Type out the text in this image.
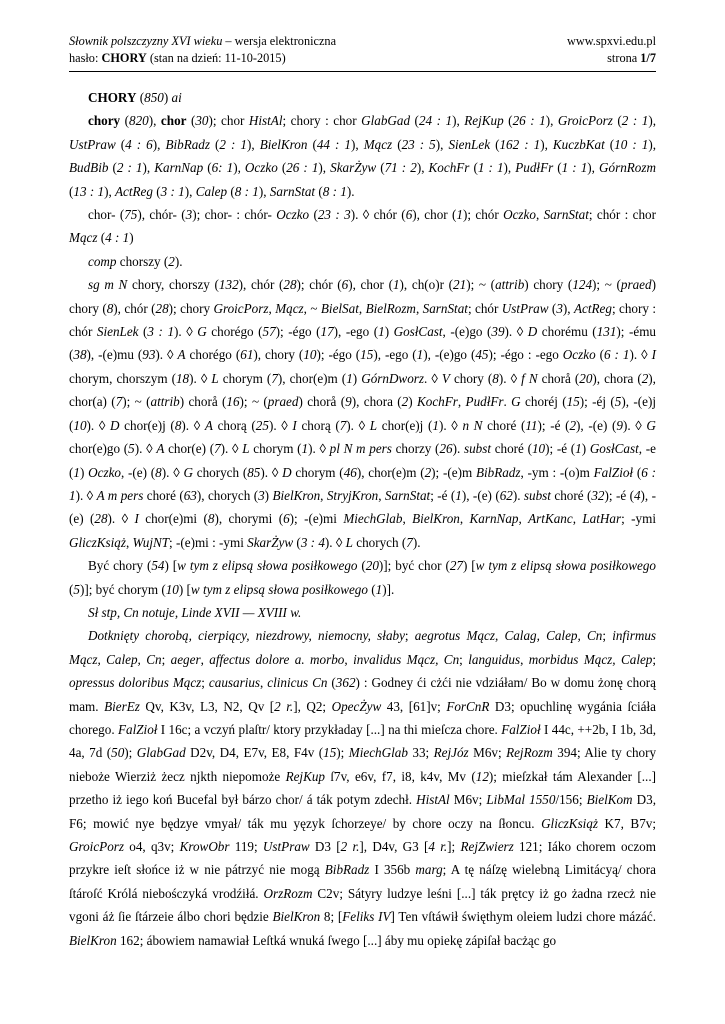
Słownik polszczyzny XVI wieku – wersja elektroniczna	www.spxvi.edu.pl
hasło: CHORY (stan na dzień: 11-10-2015)	strona 1/7

CHORY (850) ai

chory (820), chor (30); chor HistAl; chory : chor GlabGad (24 : 1), RejKup (26 : 1), GroicPorz (2 : 1), UstPraw (4 : 6), BibRadz (2 : 1), BielKron (44 : 1), Mącz (23 : 5), SienLek (162 : 1), KuczbKat (10 : 1), BudBib (2 : 1), KarnNap (6: 1), Oczko (26 : 1), SkarŻyw (71 : 2), KochFr (1 : 1), PudłFr (1 : 1), GórnRozm (13 : 1), ActReg (3 : 1), Calep (8 : 1), SarnStat (8 : 1).

chor- (75), chór- (3); chor- : chór- Oczko (23 : 3). ◊ chór (6), chor (1); chór Oczko, SarnStat; chór : chor Mącz (4 : 1)

comp chorszy (2).

sg m N chory, chorszy (132), chór (28); chór (6), chor (1), ch(o)r (21); ~ (attrib) chory (124); ~ (praed) chory (8), chór (28); chory GroicPorz, Mącz, ~ BielSat, BielRozm, SarnStat; chór UstPraw (3), ActReg; chory : chór SienLek (3 : 1). ◊ G chorégo (57); -égo (17), -ego (1) GosłCast, -(e)go (39). ◊ D chorému (131); -ému (38), -(e)mu (93). ◊ A chorégo (61), chory (10); -égo (15), -ego (1), -(e)go (45); -égo : -ego Oczko (6 : 1). ◊ I chorym, chorszym (18). ◊ L chorym (7), chor(e)m (1) GórnDworz. ◊ V chory (8). ◊ f N chorå (20), chora (2), chor(a) (7); ~ (attrib) chorå (16); ~ (praed) chorå (9), chora (2) KochFr, PudłFr. G choréj (15); -éj (5), -(e)j (10). ◊ D chor(e)j (8). ◊ A chorą (25). ◊ I chorą (7). ◊ L chor(e)j (1). ◊ n N choré (11); -é (2), -(e) (9). ◊ G chor(e)go (5). ◊ A chor(e) (7). ◊ L chorym (1). ◊ pl N m pers chorzy (26). subst choré (10); -é (1) GosłCast, -e (1) Oczko, -(e) (8). ◊ G chorych (85). ◊ D chorym (46), chor(e)m (2); -(e)m BibRadz, -ym : -(o)m FalZioł (6 : 1). ◊ A m pers choré (63), chorych (3) BielKron, StryjKron, SarnStat; -é (1), -(e) (62). subst choré (32); -é (4), -(e) (28). ◊ I chor(e)mi (8), chorymi (6); -(e)mi MiechGlab, BielKron, KarnNap, ArtKanc, LatHar; -ymi GliczKsiąż, WujNT; -(e)mi : -ymi SkarŻyw (3 : 4). ◊ L chorych (7).

Być chory (54) [w tym z elipsą słowa posiłkowego (20)]; być chor (27) [w tym z elipsą słowa posiłkowego (5)]; być chorym (10) [w tym z elipsą słowa posiłkowego (1)].

Sł stp, Cn notuje, Linde XVII — XVIII w.

Dotknięty chorobą, cierpiący, niezdrowy, niemocny, słaby; aegrotus Mącz, Calag, Calep, Cn; infirmus Mącz, Calep, Cn; aeger, affectus dolore a. morbo, invalidus Mącz, Cn; languidus, morbidus Mącz, Calep; opressus doloribus Mącz; causarius, clinicus Cn (362) : Godney ći cżći nie vdziáłam/ Bo w domu żonę chorą mam. BierEz Qv, K3v, L3, N2, Qv [2 r.], Q2; OpecŻyw 43, [61]v; ForCnR D3; opuchlinę wygánia ſciáła chorego. FalZioł I 16c; a vczyń plaſtr/ ktory przykładay [...] na thi mieſcza chore. FalZioł I 44c, ++2b, I 1b, 3d, 4a, 7d (50); GlabGad D2v, D4, E7v, E8, F4v (15); MiechGlab 33; RejJóz M6v; RejRozm 394; Alie ty chory nieboże Wierziż żecz njkth niepomoże RejKup ſ7v, e6v, f7, i8, k4v, Mv (12); mieſzkał tám Alexander [...] przetho iż iego koń Bucefal był bárzo chor/ á ták potym zdechł. HistAl M6v; LibMal 1550/156; BielKom D3, F6; mowić nye będzye vmyał/ ták mu yęzyk ſchorzeye/ by chore oczy na ſłoncu. GliczKsiąż K7, B7v; GroicPorz o4, q3v; KrowObr 119; UstPraw D3 [2 r.], D4v, G3 [4 r.]; RejZwierz 121; Iáko chorem oczom przykre ieſt słońce iż w nie pátrzyć nie mogą BibRadz I 356b marg; A tę náſzę wielebną Limitácyą/ chora ſtároſć Królá niebośczyká vrodźiłá. OrzRozm C2v; Sátyry ludzye leśni [...] ták prętcy iż go żadna rzecż nie vgoni áż ſie ſtárzeie álbo chori będzie BielKron 8; [Feliks IV] Ten vſtáwił święthym oleiem ludzi chore mázáć. BielKron 162; ábowiem namawiał Leſtká wnuká ſwego [...] áby mu opiekę zápiſał bacżąc go
